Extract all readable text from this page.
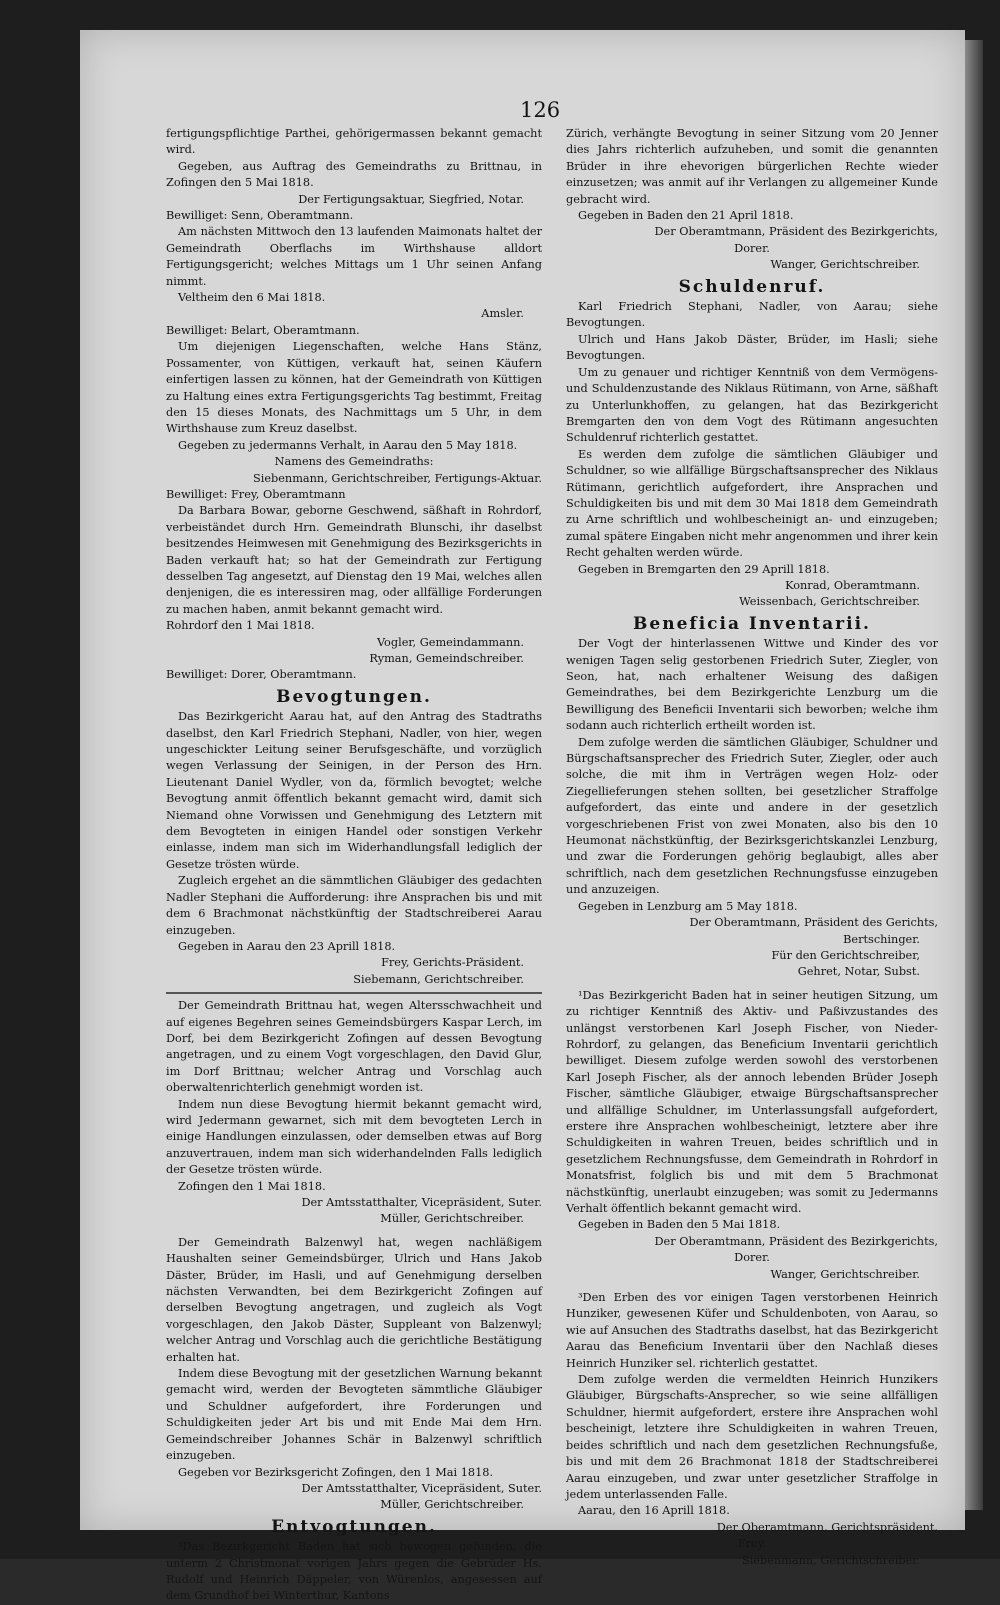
126

fertigungspflichtige Parthei, gehörigermassen bekannt gemacht wird.

Gegeben, aus Auftrag des Gemeindraths zu Brittnau, in Zofingen den 5 Mai 1818.

Der Fertigungsaktuar, Siegfried, Notar.

Bewilliget: Senn, Oberamtmann.

Am nächsten Mittwoch den 13 laufenden Maimonats haltet der Gemeindrath Oberflachs im Wirthshause alldort Fertigungsgericht; welches Mittags um 1 Uhr seinen Anfang nimmt.

Veltheim den 6 Mai 1818.

Amsler.

Bewilliget: Belart, Oberamtmann.

Um diejenigen Liegenschaften, welche Hans Stänz, Possamenter, von Küttigen, verkauft hat, seinen Käufern einfertigen lassen zu können, hat der Gemeindrath von Küttigen zu Haltung eines extra Fertigungsgerichts Tag bestimmt, Freitag den 15 dieses Monats, des Nachmittags um 5 Uhr, in dem Wirthshause zum Kreuz daselbst.

Gegeben zu jedermanns Verhalt, in Aarau den 5 May 1818.

Namens des Gemeindraths:

Siebenmann, Gerichtschreiber, Fertigungs-Aktuar.

Bewilliget: Frey, Oberamtmann

Da Barbara Bowar, geborne Geschwend, säßhaft in Rohrdorf, verbeiständet durch Hrn. Gemeindrath Blunschi, ihr daselbst besitzendes Heimwesen mit Genehmigung des Bezirksgerichts in Baden verkauft hat; so hat der Gemeindrath zur Fertigung desselben Tag angesetzt, auf Dienstag den 19 Mai, welches allen denjenigen, die es interessiren mag, oder allfällige Forderungen zu machen haben, anmit bekannt gemacht wird.

Rohrdorf den 1 Mai 1818.

Vogler, Gemeindammann.

Ryman, Gemeindschreiber.

Bewilliget: Dorer, Oberamtmann.

Bevogtungen.

Das Bezirkgericht Aarau hat, auf den Antrag des Stadtraths daselbst, den Karl Friedrich Stephani, Nadler, von hier, wegen ungeschickter Leitung seiner Berufsgeschäfte, und vorzüglich wegen Verlassung der Seinigen, in der Person des Hrn. Lieutenant Daniel Wydler, von da, förmlich bevogtet; welche Bevogtung anmit öffentlich bekannt gemacht wird, damit sich Niemand ohne Vorwissen und Genehmigung des Letztern mit dem Bevogteten in einigen Handel oder sonstigen Verkehr einlasse, indem man sich im Widerhandlungsfall lediglich der Gesetze trösten würde.

Zugleich ergehet an die sämmtlichen Gläubiger des gedachten Nadler Stephani die Aufforderung: ihre Ansprachen bis und mit dem 6 Brachmonat nächstkünftig der Stadtschreiberei Aarau einzugeben.

Gegeben in Aarau den 23 Aprill 1818.

Frey, Gerichts-Präsident.

Siebemann, Gerichtschreiber.

Der Gemeindrath Brittnau hat, wegen Altersschwachheit und auf eigenes Begehren seines Gemeindsbürgers Kaspar Lerch, im Dorf, bei dem Bezirkgericht Zofingen auf dessen Bevogtung angetragen, und zu einem Vogt vorgeschlagen, den David Glur, im Dorf Brittnau; welcher Antrag und Vorschlag auch oberwaltenrichterlich genehmigt worden ist.

Indem nun diese Bevogtung hiermit bekannt gemacht wird, wird Jedermann gewarnet, sich mit dem bevogteten Lerch in einige Handlungen einzulassen, oder demselben etwas auf Borg anzuvertrauen, indem man sich widerhandelnden Falls lediglich der Gesetze trösten würde.

Zofingen den 1 Mai 1818.

Der Amtsstatthalter, Vicepräsident, Suter.

Müller, Gerichtschreiber.

Der Gemeindrath Balzenwyl hat, wegen nachläßigem Haushalten seiner Gemeindsbürger, Ulrich und Hans Jakob Däster, Brüder, im Hasli, und auf Genehmigung derselben nächsten Verwandten, bei dem Bezirkgericht Zofingen auf derselben Bevogtung angetragen, und zugleich als Vogt vorgeschlagen, den Jakob Däster, Suppleant von Balzenwyl; welcher Antrag und Vorschlag auch die gerichtliche Bestätigung erhalten hat.

Indem diese Bevogtung mit der gesetzlichen Warnung bekannt gemacht wird, werden der Bevogteten sämmtliche Gläubiger und Schuldner aufgefordert, ihre Forderungen und Schuldigkeiten jeder Art bis und mit Ende Mai dem Hrn. Gemeindschreiber Johannes Schär in Balzenwyl schriftlich einzugeben.

Gegeben vor Bezirksgericht Zofingen, den 1 Mai 1818.

Der Amtsstatthalter, Vicepräsident, Suter.

Müller, Gerichtschreiber.

Entvogtungen.

³Das Bezirkgericht Baden hat sich bewogen gefunden, die unterm 2 Christmonat vorigen Jahrs gegen die Gebrüder Hs. Rudolf und Heinrich Däppeler, von Würenlos, angesessen auf dem Grundhof bei Winterthur, Kantons

Zürich, verhängte Bevogtung in seiner Sitzung vom 20 Jenner dies Jahrs richterlich aufzuheben, und somit die genannten Brüder in ihre ehevorigen bürgerlichen Rechte wieder einzusetzen; was anmit auf ihr Verlangen zu allgemeiner Kunde gebracht wird.

Gegeben in Baden den 21 April 1818.

Der Oberamtmann, Präsident des Bezirkgerichts,

Dorer.

Wanger, Gerichtschreiber.

Schuldenruf.

Karl Friedrich Stephani, Nadler, von Aarau; siehe Bevogtungen.

Ulrich und Hans Jakob Däster, Brüder, im Hasli; siehe Bevogtungen.

Um zu genauer und richtiger Kenntniß von dem Vermögens- und Schuldenzustande des Niklaus Rütimann, von Arne, säßhaft zu Unterlunkhoffen, zu gelangen, hat das Bezirkgericht Bremgarten den von dem Vogt des Rütimann angesuchten Schuldenruf richterlich gestattet.

Es werden dem zufolge die sämtlichen Gläubiger und Schuldner, so wie allfällige Bürgschaftsansprecher des Niklaus Rütimann, gerichtlich aufgefordert, ihre Ansprachen und Schuldigkeiten bis und mit dem 30 Mai 1818 dem Gemeindrath zu Arne schriftlich und wohlbescheinigt an- und einzugeben; zumal spätere Eingaben nicht mehr angenommen und ihrer kein Recht gehalten werden würde.

Gegeben in Bremgarten den 29 Aprill 1818.

Konrad, Oberamtmann.

Weissenbach, Gerichtschreiber.

Beneficia Inventarii.

Der Vogt der hinterlassenen Wittwe und Kinder des vor wenigen Tagen selig gestorbenen Friedrich Suter, Ziegler, von Seon, hat, nach erhaltener Weisung des daßigen Gemeindrathes, bei dem Bezirkgerichte Lenzburg um die Bewilligung des Beneficii Inventarii sich beworben; welche ihm sodann auch richterlich ertheilt worden ist.

Dem zufolge werden die sämtlichen Gläubiger, Schuldner und Bürgschaftsansprecher des Friedrich Suter, Ziegler, oder auch solche, die mit ihm in Verträgen wegen Holz- oder Ziegellieferungen stehen sollten, bei gesetzlicher Straffolge aufgefordert, das einte und andere in der gesetzlich vorgeschriebenen Frist von zwei Monaten, also bis den 10 Heumonat nächstkünftig, der Bezirksgerichtskanzlei Lenzburg, und zwar die Forderungen gehörig beglaubigt, alles aber schriftlich, nach dem gesetzlichen Rechnungsfusse einzugeben und anzuzeigen.

Gegeben in Lenzburg am 5 May 1818.

Der Oberamtmann, Präsident des Gerichts,

Bertschinger.

Für den Gerichtschreiber,

Gehret, Notar, Subst.

¹Das Bezirkgericht Baden hat in seiner heutigen Sitzung, um zu richtiger Kenntniß des Aktiv- und Paßivzustandes des unlängst verstorbenen Karl Joseph Fischer, von Nieder-Rohrdorf, zu gelangen, das Beneficium Inventarii gerichtlich bewilliget. Diesem zufolge werden sowohl des verstorbenen Karl Joseph Fischer, als der annoch lebenden Brüder Joseph Fischer, sämtliche Gläubiger, etwaige Bürgschaftsansprecher und allfällige Schuldner, im Unterlassungsfall aufgefordert, erstere ihre Ansprachen wohlbescheinigt, letztere aber ihre Schuldigkeiten in wahren Treuen, beides schriftlich und in gesetzlichem Rechnungsfusse, dem Gemeindrath in Rohrdorf in Monatsfrist, folglich bis und mit dem 5 Brachmonat nächstkünftig, unerlaubt einzugeben; was somit zu Jedermanns Verhalt öffentlich bekannt gemacht wird.

Gegeben in Baden den 5 Mai 1818.

Der Oberamtmann, Präsident des Bezirkgerichts,

Dorer.

Wanger, Gerichtschreiber.

³Den Erben des vor einigen Tagen verstorbenen Heinrich Hunziker, gewesenen Küfer und Schuldenboten, von Aarau, so wie auf Ansuchen des Stadtraths daselbst, hat das Bezirkgericht Aarau das Beneficium Inventarii über den Nachlaß dieses Heinrich Hunziker sel. richterlich gestattet.

Dem zufolge werden die vermeldten Heinrich Hunzikers Gläubiger, Bürgschafts-Ansprecher, so wie seine allfälligen Schuldner, hiermit aufgefordert, erstere ihre Ansprachen wohl bescheinigt, letztere ihre Schuldigkeiten in wahren Treuen, beides schriftlich und nach dem gesetzlichen Rechnungsfuße, bis und mit dem 26 Brachmonat 1818 der Stadtschreiberei Aarau einzugeben, und zwar unter gesetzlicher Straffolge in jedem unterlassenden Falle.

Aarau, den 16 Aprill 1818.

Der Oberamtmann, Gerichtspräsident,

Frey.

Siebenmann, Gerichtschreiber.
